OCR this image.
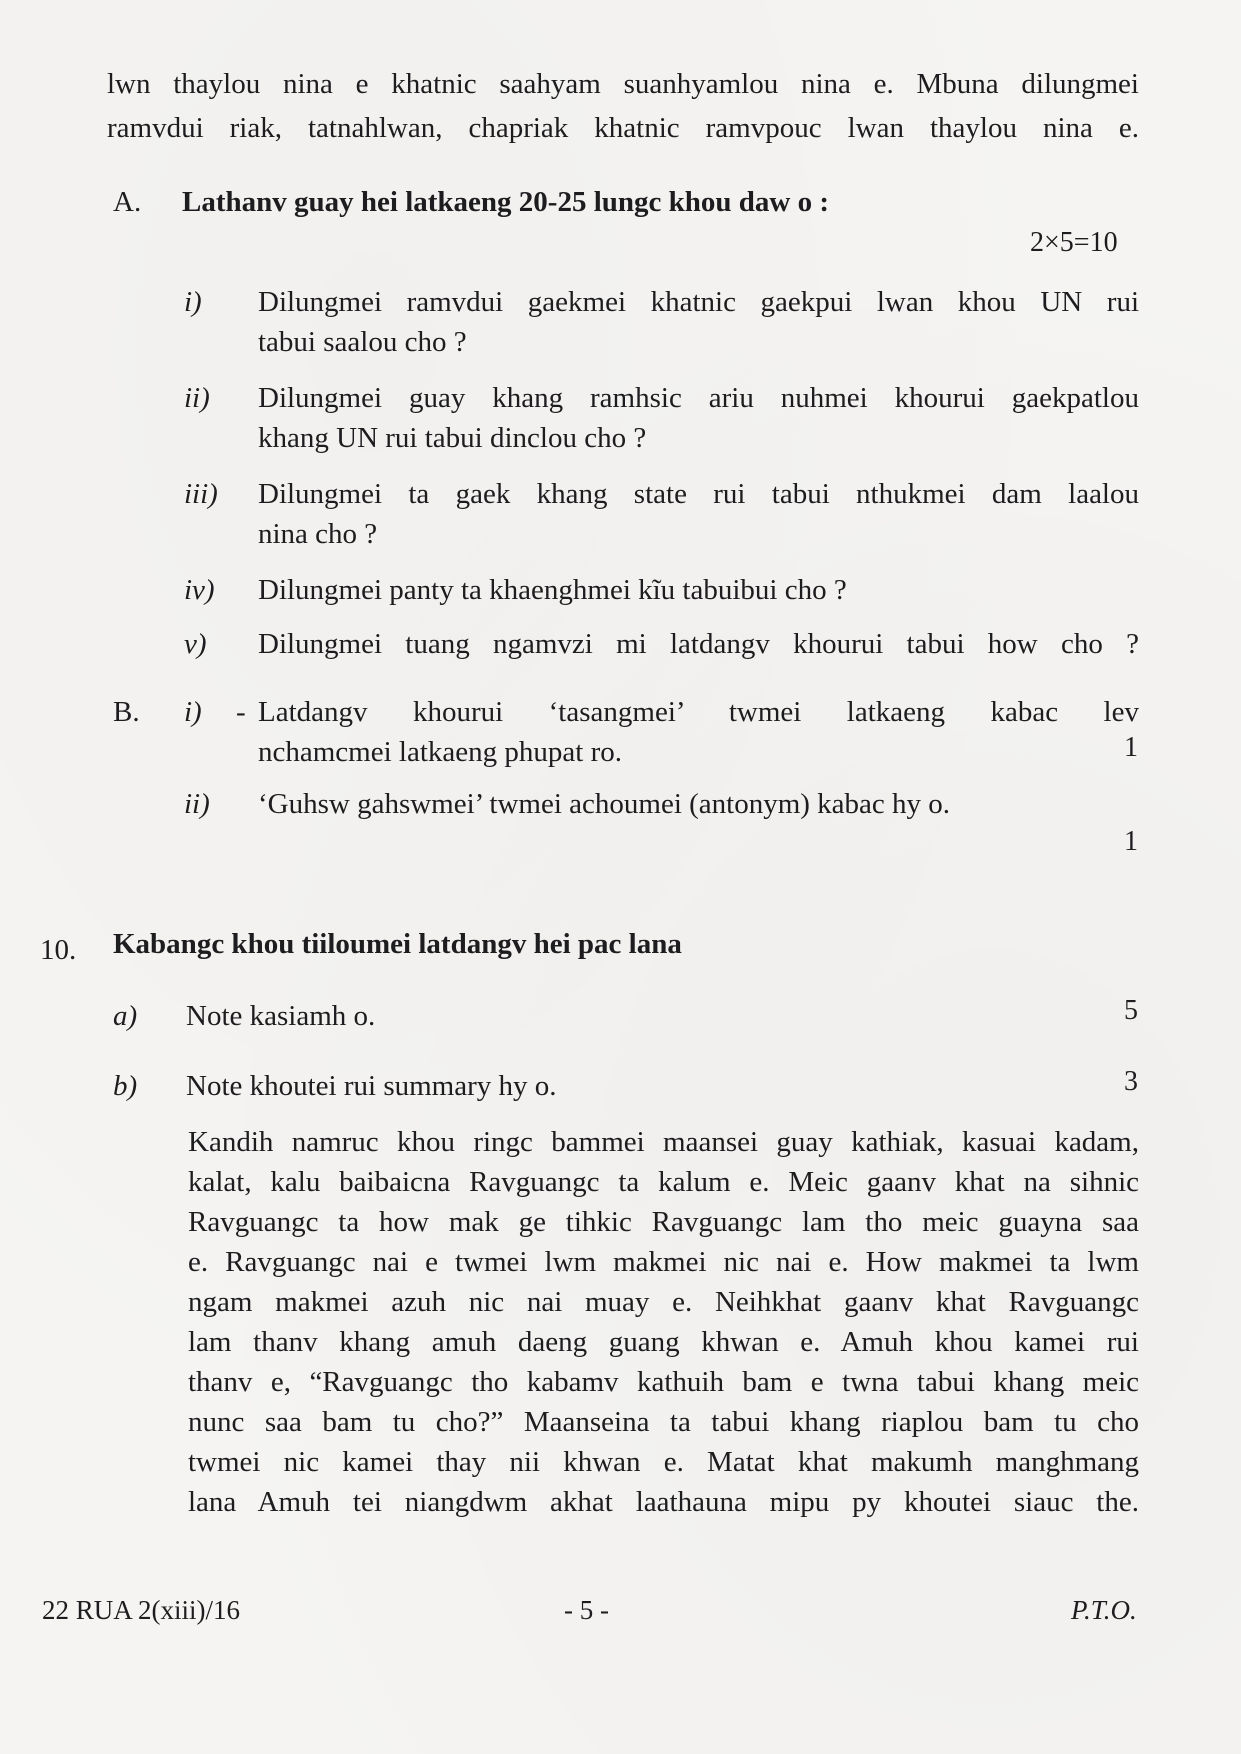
lwn thaylou nina e khatnic saahyam suanhyamlou nina e. Mbuna dilungmei
ramvdui riak, tatnahlwan, chapriak khatnic ramvpouc lwan thaylou nina e.
A. Lathanv guay hei latkaeng 20-25 lungc khou daw o :
2×5=10
i) Dilungmei ramvdui gaekmei khatnic gaekpui lwan khou UN rui
tabui saalou cho ?
ii) Dilungmei guay khang ramhsic ariu nuhmei khourui gaekpatlou
khang UN rui tabui dinclou cho ?
iii) Dilungmei ta gaek khang state rui tabui nthukmei dam laalou
nina cho ?
iv) Dilungmei panty ta khaenghmei kĩu tabuibui cho ?
v) Dilungmei tuang ngamvzi mi latdangv khourui tabui how cho ?
B. i) - Latdangv khourui ‘tasangmei’ twmei latkaeng kabac lev
nchamcmei latkaeng phupat ro.	1
ii) ‘Guhsw gahswmei’ twmei achoumei (antonym) kabac hy o.
1
10. Kabangc khou tiiloumei latdangv hei pac lana
a) Note kasiamh o.	5
b) Note khoutei rui summary hy o.	3
Kandih namruc khou ringc bammei maansei guay kathiak, kasuai kadam,
kalat, kalu baibaicna Ravguangc ta kalum e. Meic gaanv khat na sihnic
Ravguangc ta how mak ge tihkic Ravguangc lam tho meic guayna saa
e. Ravguangc nai e twmei lwm makmei nic nai e. How makmei ta lwm
ngam makmei azuh nic nai muay e. Neihkhat gaanv khat Ravguangc
lam thanv khang amuh daeng guang khwan e. Amuh khou kamei rui
thanv e, “Ravguangc tho kabamv kathuih bam e twna tabui khang meic
nunc saa bam tu cho?” Maanseina ta tabui khang riaplou bam tu cho
twmei nic kamei thay nii khwan e. Matat khat makumh manghmang
lana Amuh tei niangdwm akhat laathauna mipu py khoutei siauc the.
22 RUA 2(xiii)/16	- 5 -	P.T.O.
